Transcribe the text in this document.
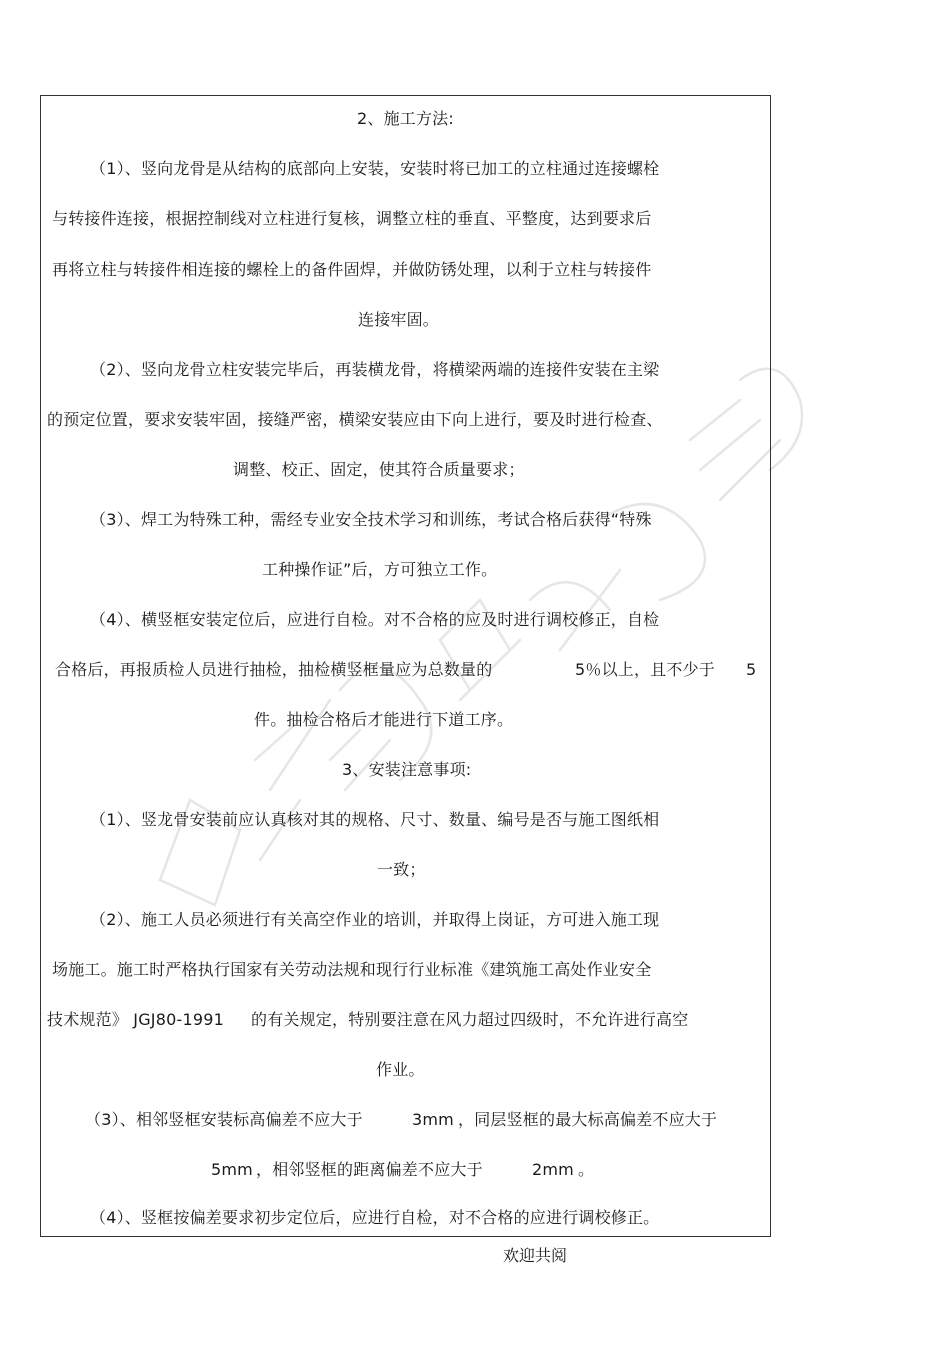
2、施工方法:
（1）、竖向龙骨是从结构的底部向上安装，安装时将已加工的立柱通过连接螺栓
与转接件连接，根据控制线对立柱进行复核，调整立柱的垂直、平整度，达到要求后
再将立柱与转接件相连接的螺栓上的备件固焊，并做防锈处理，以利于立柱与转接件
连接牢固。
（2）、竖向龙骨立柱安装完毕后，再装横龙骨，将横梁两端的连接件安装在主梁
的预定位置，要求安装牢固，接缝严密，横梁安装应由下向上进行，要及时进行检查、
调整、校正、固定，使其符合质量要求；
（3）、焊工为特殊工种，需经专业安全技术学习和训练，考试合格后获得“特殊
工种操作证”后，方可独立工作。
（4）、横竖框安装定位后，应进行自检。对不合格的应及时进行调校修正，自检
合格后，再报质检人员进行抽检，抽检横竖框量应为总数量的	5％以上，且不少于 5
件。抽检合格后才能进行下道工序。
3、安装注意事项:
（1）、竖龙骨安装前应认真核对其的规格、尺寸、数量、编号是否与施工图纸相
一致；
（2）、施工人员必须进行有关高空作业的培训，并取得上岗证，方可进入施工现
场施工。施工时严格执行国家有关劳动法规和现行行业标准《建筑施工高处作业安全
技术规范》 JGJ80-1991 的有关规定，特别要注意在风力超过四级时，不允许进行高空
作业。
（3）、相邻竖框安装标高偏差不应大于	3mm ，同层竖框的最大标高偏差不应大于
5mm ，相邻竖框的距离偏差不应大于	2mm 。
（4）、竖框按偏差要求初步定位后，应进行自检，对不合格的应进行调校修正。
欢迎共阅
